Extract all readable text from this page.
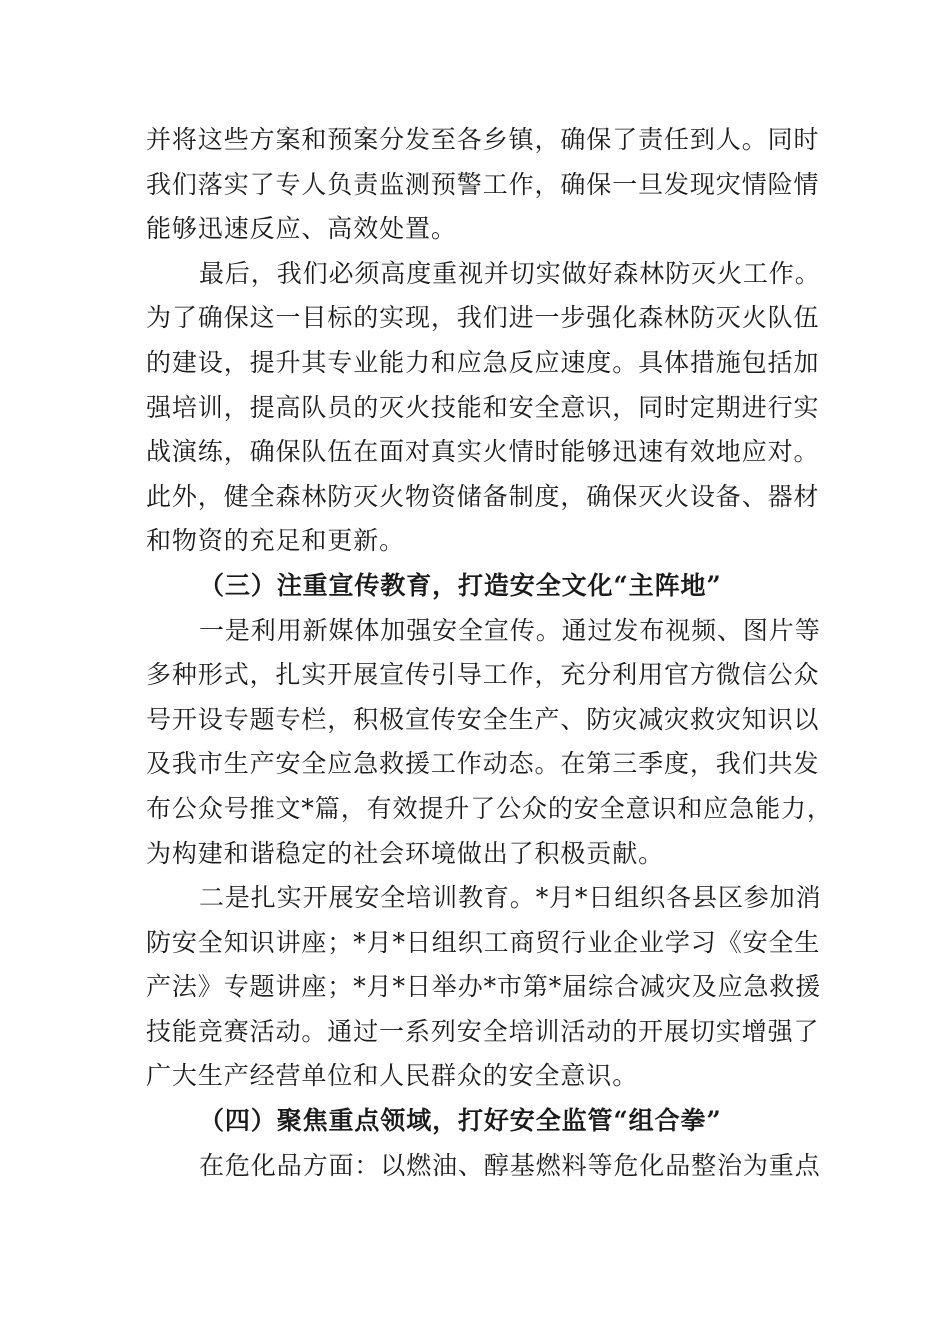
并将这些方案和预案分发至各乡镇，确保了责任到人。同时
我们落实了专人负责监测预警工作，确保一旦发现灾情险情
能够迅速反应、高效处置。
最后，我们必须高度重视并切实做好森林防灭火工作。
为了确保这一目标的实现，我们进一步强化森林防灭火队伍
的建设，提升其专业能力和应急反应速度。具体措施包括加
强培训，提高队员的灭火技能和安全意识，同时定期进行实
战演练，确保队伍在面对真实火情时能够迅速有效地应对。
此外，健全森林防灭火物资储备制度，确保灭火设备、器材
和物资的充足和更新。
（三）注重宣传教育，打造安全文化“主阵地”
一是利用新媒体加强安全宣传。通过发布视频、图片等
多种形式，扎实开展宣传引导工作，充分利用官方微信公众
号开设专题专栏，积极宣传安全生产、防灾减灾救灾知识以
及我市生产安全应急救援工作动态。在第三季度，我们共发
布公众号推文*篇，有效提升了公众的安全意识和应急能力，
为构建和谐稳定的社会环境做出了积极贡献。
二是扎实开展安全培训教育。*月*日组织各县区参加消
防安全知识讲座；*月*日组织工商贸行业企业学习《安全生
产法》专题讲座；*月*日举办*市第*届综合减灾及应急救援
技能竞赛活动。通过一系列安全培训活动的开展切实增强了
广大生产经营单位和人民群众的安全意识。
（四）聚焦重点领域，打好安全监管“组合拳”
在危化品方面：以燃油、醇基燃料等危化品整治为重点
